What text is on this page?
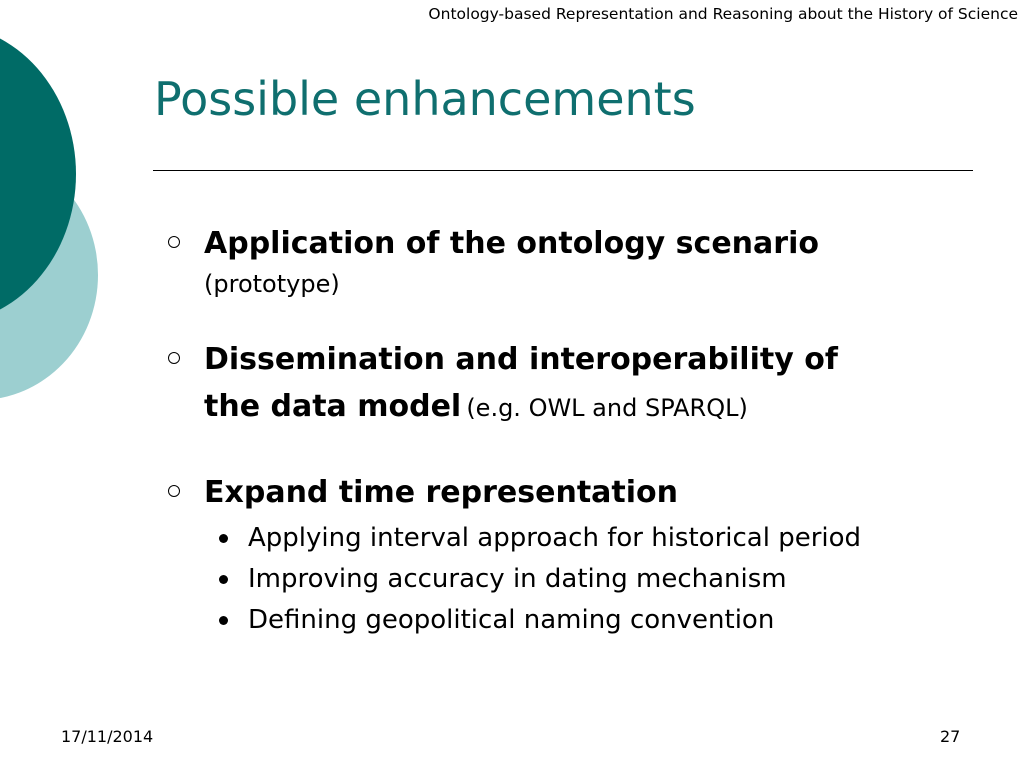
Ontology-based Representation and Reasoning about the History of Science
Possible enhancements
Application of the ontology scenario
(prototype)
Dissemination and interoperability of
the data model (e.g. OWL and SPARQL)
Expand time representation
Applying interval approach for historical period
Improving accuracy in dating mechanism
Defining geopolitical naming convention
17/11/2014	27
